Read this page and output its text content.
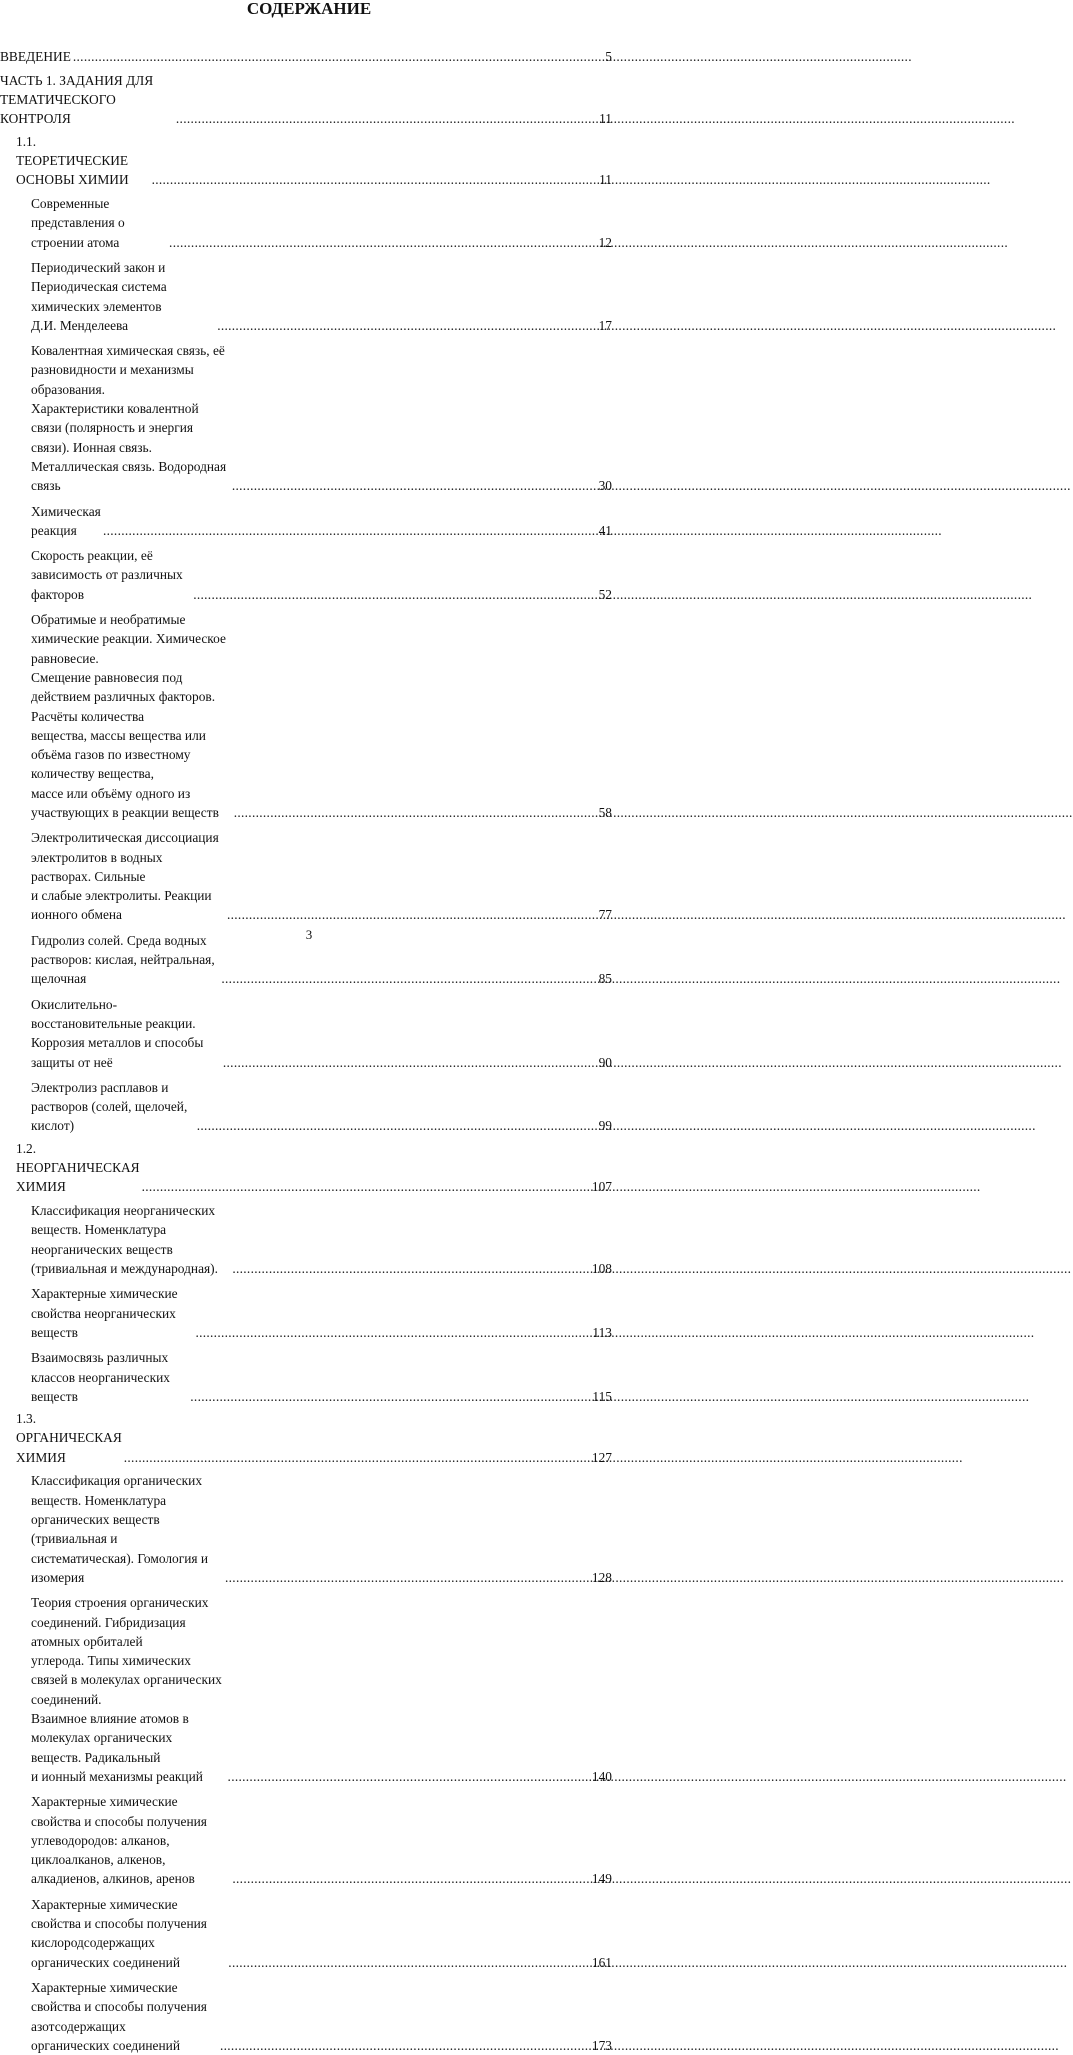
СОДЕРЖАНИЕ
ВВЕДЕНИЕ .....	5
ЧАСТЬ 1. ЗАДАНИЯ ДЛЯ ТЕМАТИЧЕСКОГО КОНТРОЛЯ .....	11
1.1. ТЕОРЕТИЧЕСКИЕ ОСНОВЫ ХИМИИ .....	11
Современные представления о строении атома .....	12
Периодический закон и Периодическая система химических элементов
Д.И. Менделеева .....	17
Ковалентная химическая связь, её разновидности и механизмы образования.
Характеристики ковалентной связи (полярность и энергия связи). Ионная связь.
Металлическая связь. Водородная связь .....	30
Химическая реакция .....	41
Скорость реакции, её зависимость от различных факторов .....	52
Обратимые и необратимые химические реакции. Химическое равновесие.
Смещение равновесия под действием различных факторов. Расчёты количества
вещества, массы вещества или объёма газов по известному количеству вещества,
массе или объёму одного из участвующих в реакции веществ .....	58
Электролитическая диссоциация электролитов в водных растворах. Сильные
и слабые электролиты. Реакции ионного обмена .....	77
Гидролиз солей. Среда водных растворов: кислая, нейтральная, щелочная .....	85
Окислительно-восстановительные реакции. Коррозия металлов и способы
защиты от неё .....	90
Электролиз расплавов и растворов (солей, щелочей, кислот) .....	99
1.2. НЕОРГАНИЧЕСКАЯ ХИМИЯ .....	107
Классификация неорганических веществ. Номенклатура неорганических веществ
(тривиальная и международная). .....	108
Характерные химические свойства неорганических веществ .....	113
Взаимосвязь различных классов неорганических веществ .....	115
1.3. ОРГАНИЧЕСКАЯ ХИМИЯ .....	127
Классификация органических веществ. Номенклатура органических веществ
(тривиальная и систематическая). Гомология и изомерия .....	128
Теория строения органических соединений. Гибридизация атомных орбиталей
углерода. Типы химических связей в молекулах органических соединений.
Взаимное влияние атомов в молекулах органических веществ. Радикальный
и ионный механизмы реакций .....	140
Характерные химические свойства и способы получения углеводородов: алканов,
циклоалканов, алкенов, алкадиенов, алкинов, аренов .....	149
Характерные химические свойства и способы получения кислородсодержащих
органических соединений .....	161
Характерные химические свойства и способы получения азотсодержащих
органических соединений .....	173
3
